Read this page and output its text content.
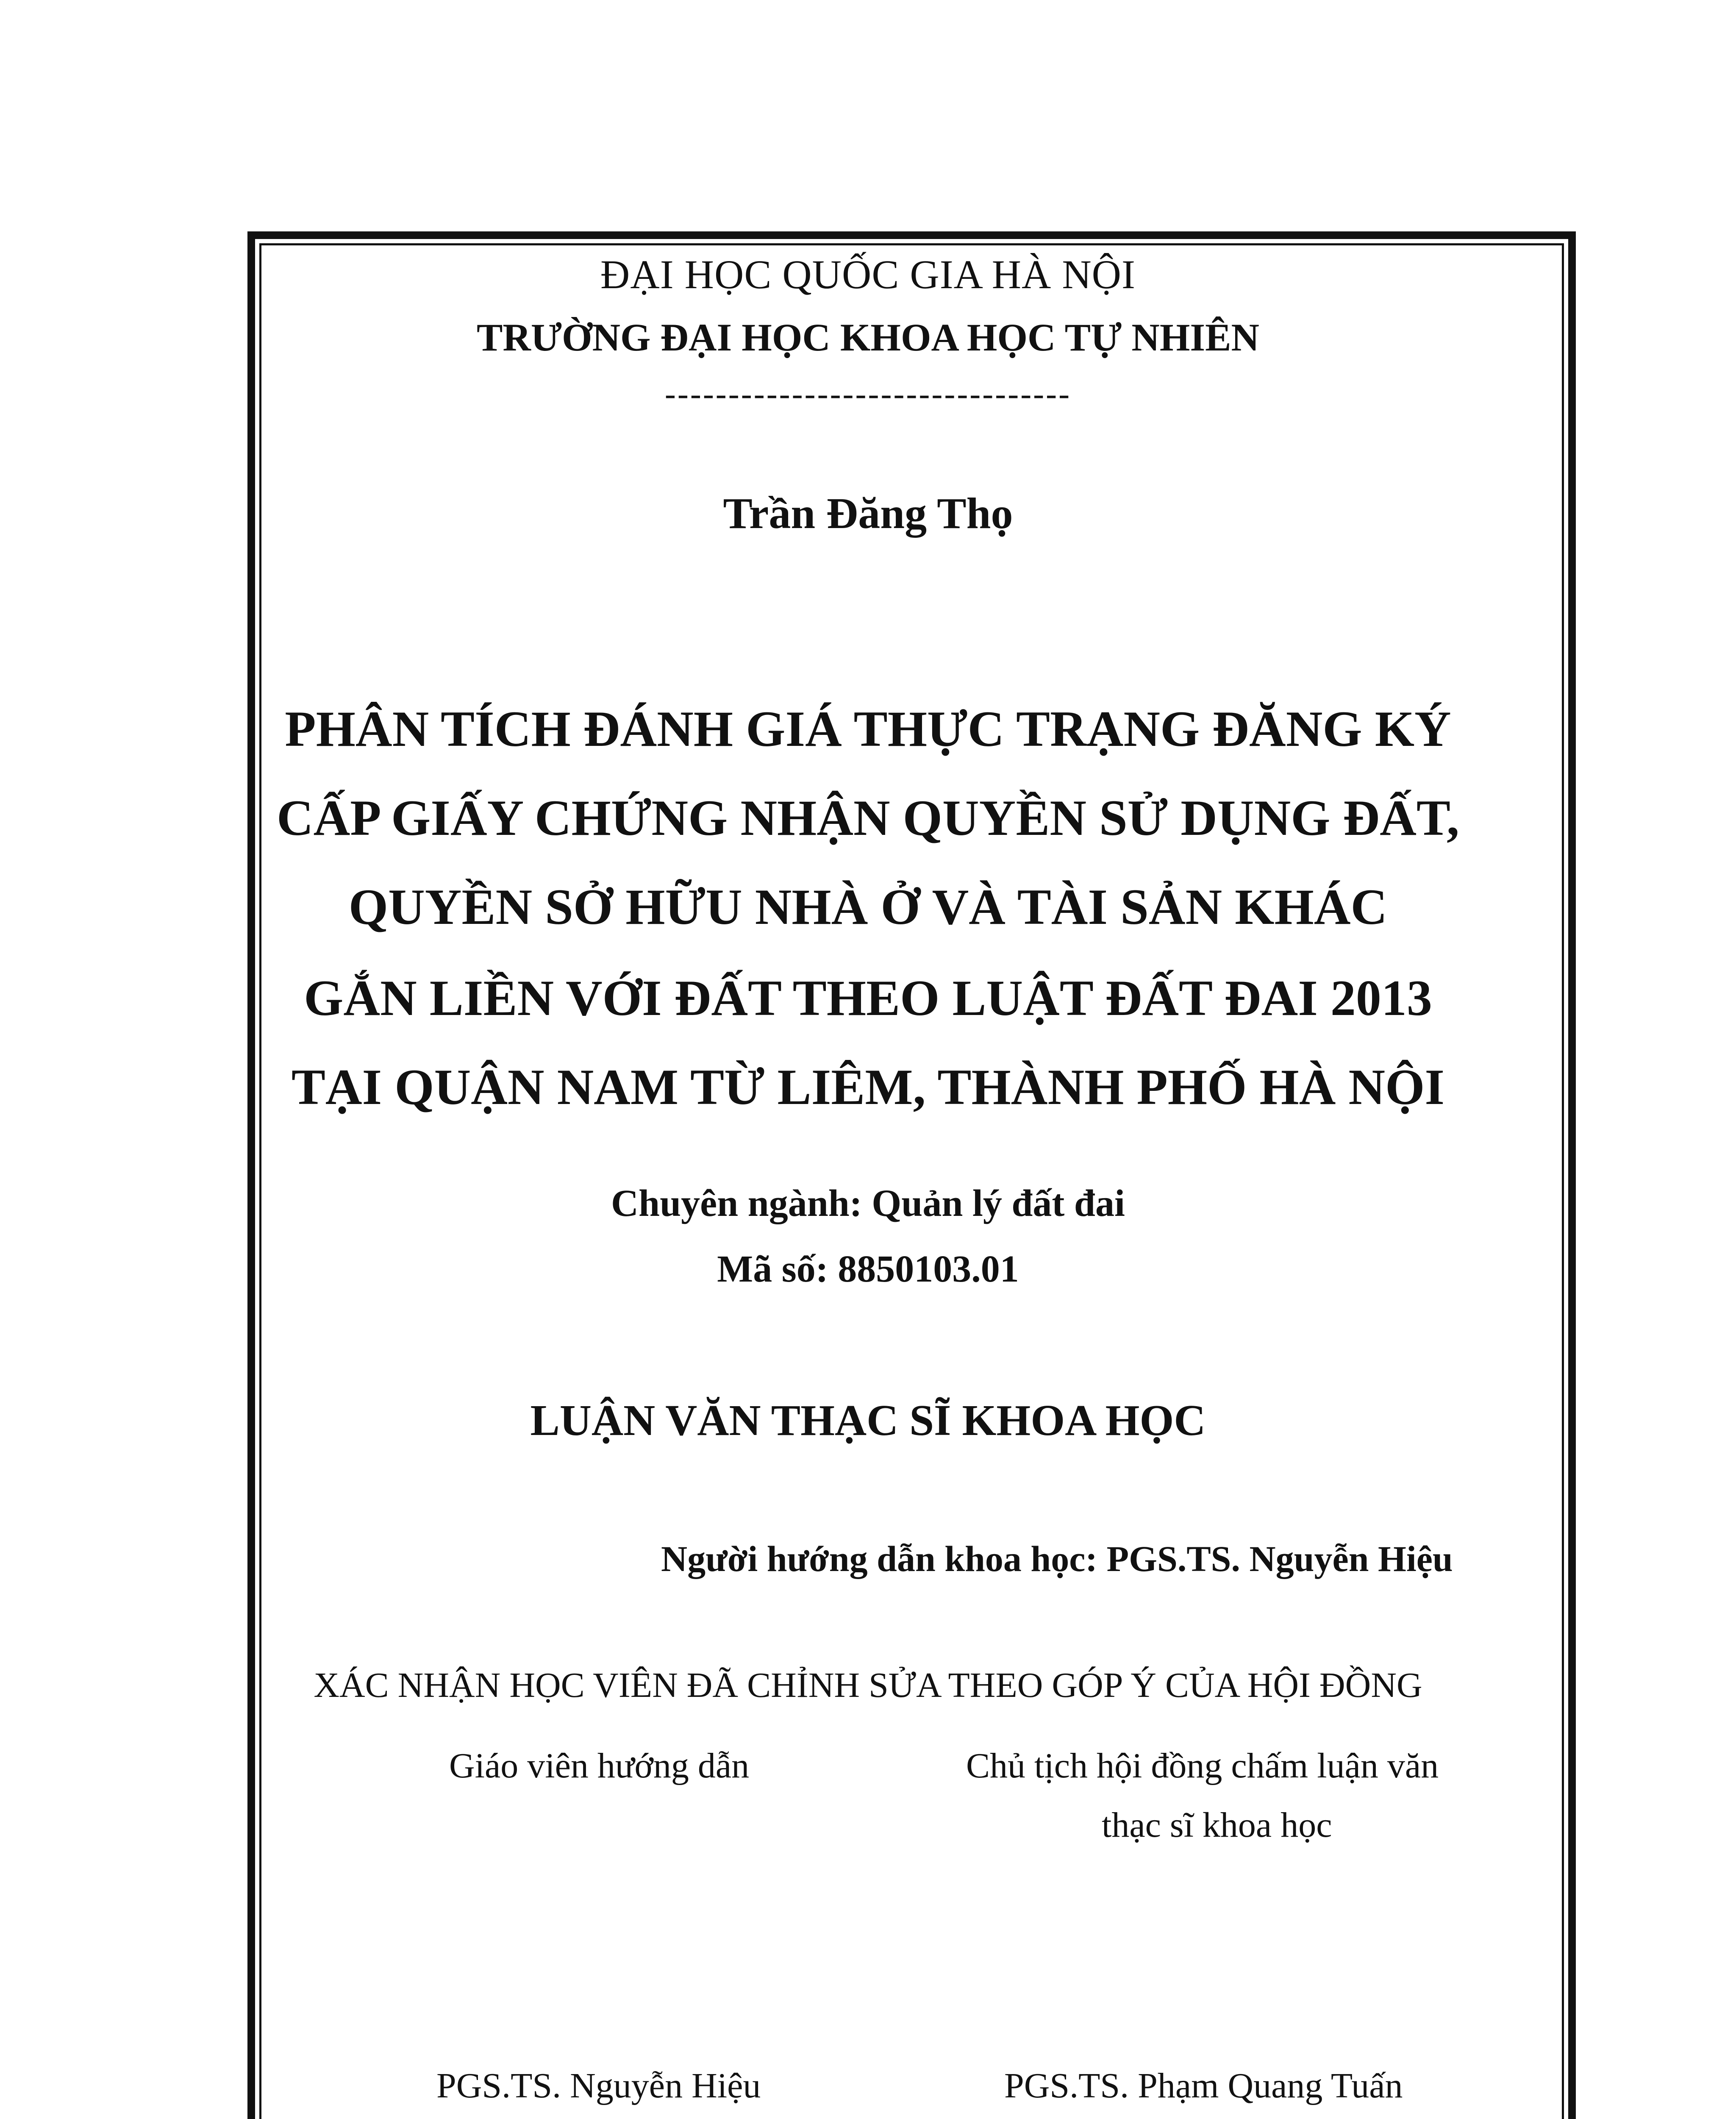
ĐẠI HỌC QUỐC GIA HÀ NỘI
TRƯỜNG ĐẠI HỌC KHOA HỌC TỰ NHIÊN
--------------------------------
Trần Đăng Thọ
PHÂN TÍCH ĐÁNH GIÁ THỰC TRẠNG ĐĂNG KÝ
CẤP GIẤY CHỨNG NHẬN QUYỀN SỬ DỤNG ĐẤT,
QUYỀN SỞ HỮU NHÀ Ở VÀ TÀI SẢN KHÁC
GẮN LIỀN VỚI ĐẤT THEO LUẬT ĐẤT ĐAI 2013
TẠI QUẬN NAM TỪ LIÊM, THÀNH PHỐ HÀ NỘI
Chuyên ngành: Quản lý đất đai
Mã số: 8850103.01
LUẬN VĂN THẠC SĨ KHOA HỌC
Người hướng dẫn khoa học: PGS.TS. Nguyễn Hiệu
XÁC NHẬN HỌC VIÊN ĐÃ CHỈNH SỬA THEO GÓP Ý CỦA HỘI ĐỒNG
Giáo viên hướng dẫn	Chủ tịch hội đồng chấm luận văn
thạc sĩ khoa học
PGS.TS. Nguyễn Hiệu	PGS.TS. Phạm Quang Tuấn
